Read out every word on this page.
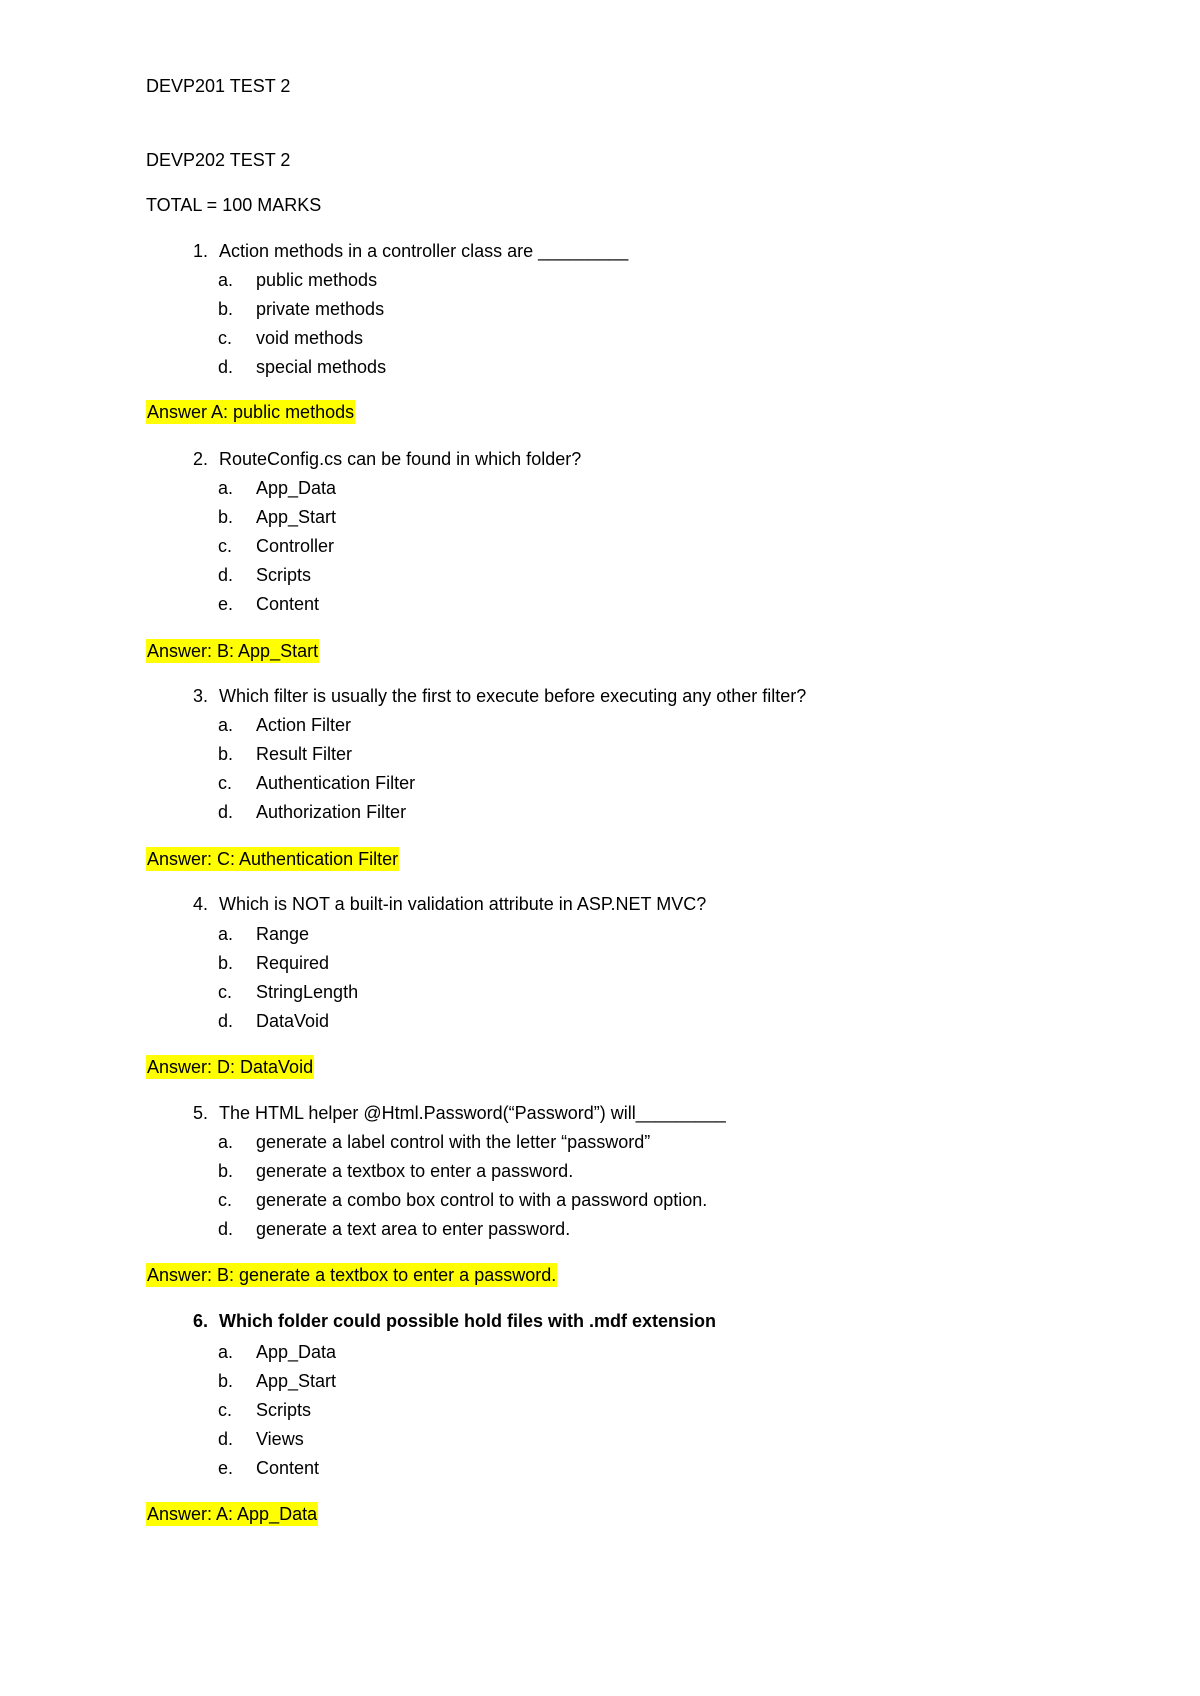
DEVP201 TEST 2
DEVP202 TEST 2
TOTAL = 100 MARKS
1. Action methods in a controller class are _________
a. public methods
b. private methods
c. void methods
d. special methods
Answer A: public methods
2. RouteConfig.cs can be found in which folder?
a. App_Data
b. App_Start
c. Controller
d. Scripts
e. Content
Answer: B: App_Start
3. Which filter is usually the first to execute before executing any other filter?
a. Action Filter
b. Result Filter
c. Authentication Filter
d. Authorization Filter
Answer: C: Authentication Filter
4. Which is NOT a built-in validation attribute in ASP.NET MVC?
a. Range
b. Required
c. StringLength
d. DataVoid
Answer: D: DataVoid
5. The HTML helper @Html.Password(“Password”) will_________
a. generate a label control with the letter “password”
b. generate a textbox to enter a password.
c. generate a combo box control to with a password option.
d. generate a text area to enter password.
Answer: B: generate a textbox to enter a password.
6. Which folder could possible hold files with .mdf extension
a. App_Data
b. App_Start
c. Scripts
d. Views
e. Content
Answer: A: App_Data
